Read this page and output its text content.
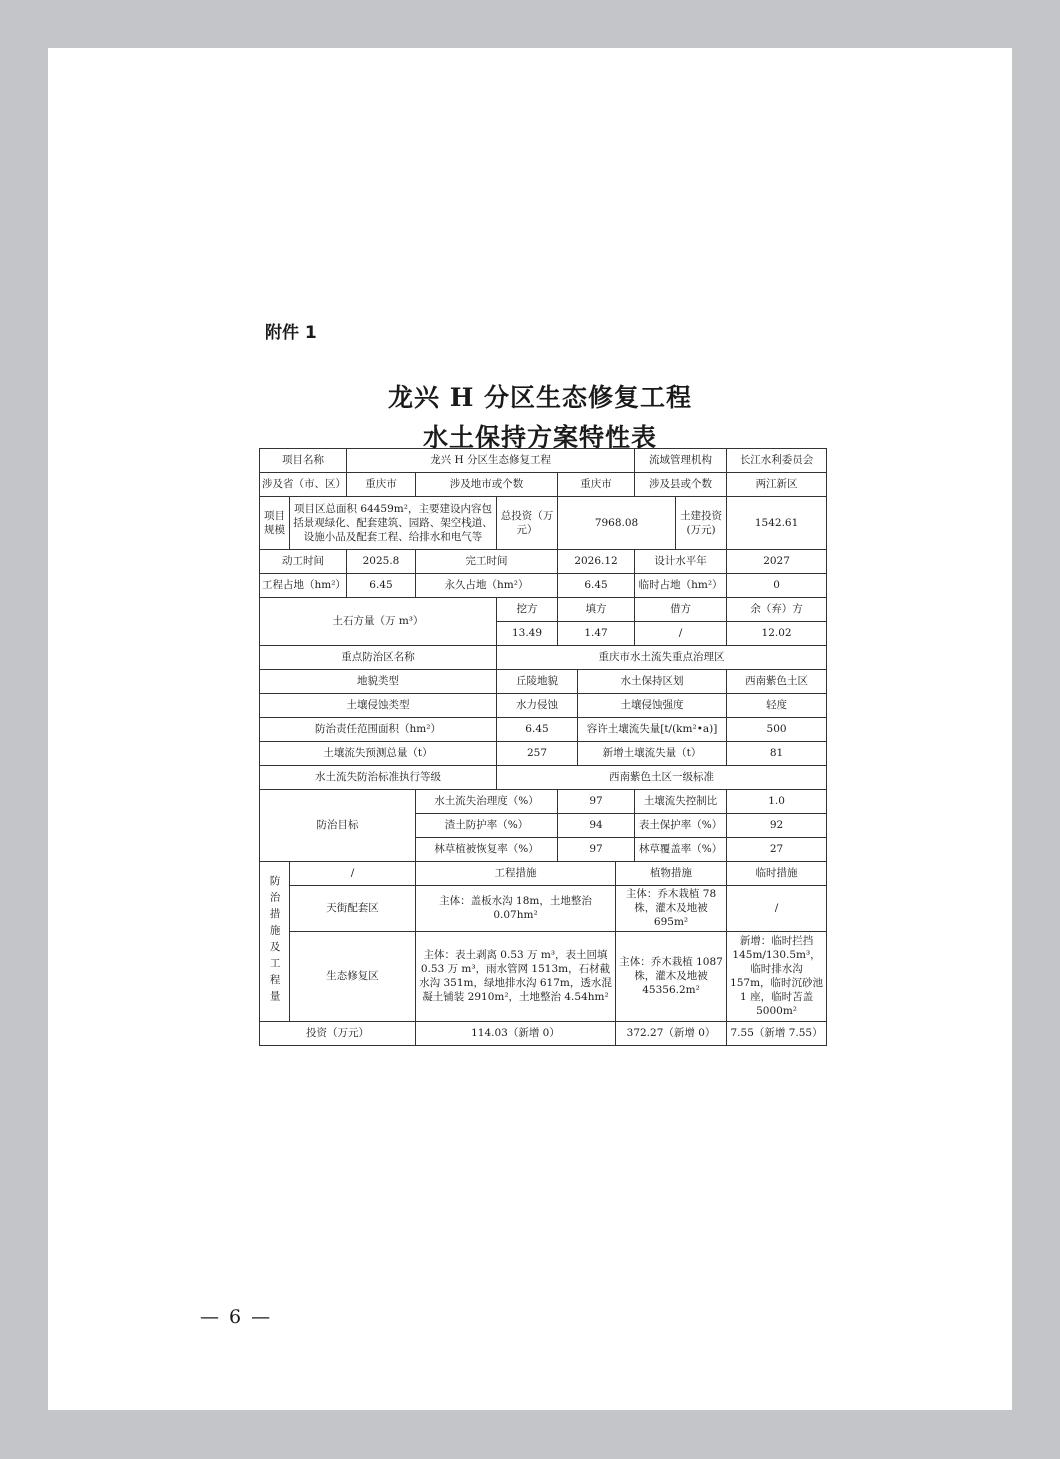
附件 1
龙兴 H 分区生态修复工程
水土保持方案特性表
项目名称		龙兴 H 分区生态修复工程						流域管理机构		长江水利委员会
涉及省（市、区）		重庆市	涉及地市或个数		重庆市			涉及县或个数		两江新区
项目规模	项目区总面积 64459m²，主要建设内容包括景观绿化、配套建筑、园路、架空栈道、设施小品及配套工程、给排水和电气等			总投资（万元）	7968.08				土建投资(万元)	1542.61
动工时间		2025.8	完工时间		2026.12			设计水平年		2027
工程占地（hm²）		6.45	永久占地（hm²）		6.45			临时占地（hm²）		0
土石方量（万 m³）				挖方	填方			借方		余（弃）方
				13.49	1.47			/		12.02
重点防治区名称				重庆市水土流失重点治理区						
地貌类型				丘陵地貌		水土保持区划				西南紫色土区
土壤侵蚀类型				水力侵蚀		土壤侵蚀强度				轻度
防治责任范围面积（hm²）				6.45		容许土壤流失量[t/(km²•a)]				500
土壤流失预测总量（t）				257		新增土壤流失量（t）				81
水土流失防治标准执行等级				西南紫色土区一级标准						
防治目标			水土流失治理度（%）		97			土壤流失控制比		1.0
			渣土防护率（%）		94			表土保护率（%）		92
			林草植被恢复率（%）		97			林草覆盖率（%）		27
防治措施及工程量	/		工程措施				植物措施			临时措施
	天街配套区		主体：盖板水沟 18m，土地整治 0.07hm²				主体：乔木栽植 78 株，灌木及地被 695m²			/
	生态修复区		主体：表土剥离 0.53 万 m³，表土回填 0.53 万 m³，雨水管网 1513m，石材截水沟 351m，绿地排水沟 617m，透水混凝土铺装 2910m²，土地整治 4.54hm²				主体：乔木栽植 1087 株，灌木及地被 45356.2m²			新增：临时拦挡 145m/130.5m³，临时排水沟 157m，临时沉砂池 1 座，临时苫盖 5000m²
投资（万元）			114.03（新增 0）				372.27（新增 0）			7.55（新增 7.55）
— 6 —
